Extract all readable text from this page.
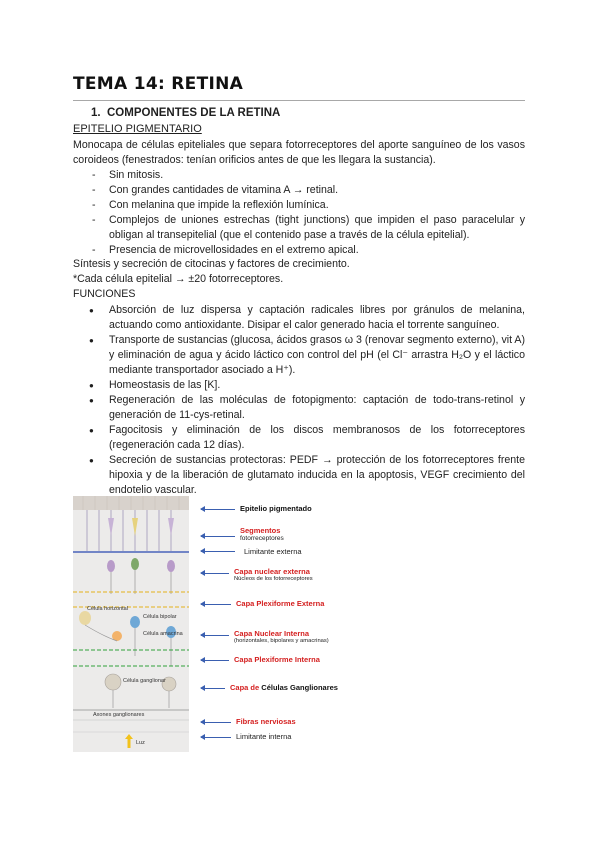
TEMA 14: RETINA
1. COMPONENTES DE LA RETINA
EPITELIO PIGMENTARIO
Monocapa de células epiteliales que separa fotorreceptores del aporte sanguíneo de los vasos coroideos (fenestrados: tenían orificios antes de que les llegara la sustancia).
- Sin mitosis.
- Con grandes cantidades de vitamina A → retinal.
- Con melanina que impide la reflexión lumínica.
- Complejos de uniones estrechas (tight junctions) que impiden el paso paracelular y obligan al transepitelial (que el contenido pase a través de la célula epitelial).
- Presencia de microvellosidades en el extremo apical.
Síntesis y secreción de citocinas y factores de crecimiento.
*Cada célula epitelial → ±20 fotorreceptores.
FUNCIONES
● Absorción de luz dispersa y captación radicales libres por gránulos de melanina, actuando como antioxidante. Disipar el calor generado hacia el torrente sanguíneo.
● Transporte de sustancias (glucosa, ácidos grasos ω 3 (renovar segmento externo), vit A) y eliminación de agua y ácido láctico con control del pH (el Cl⁻ arrastra H₂O y el láctico mediante transportador asociado a H⁺).
● Homeostasis de las [K].
● Regeneración de las moléculas de fotopigmento: captación de todo-trans-retinol y generación de 11-cys-retinal.
● Fagocitosis y eliminación de los discos membranosos de los fotorreceptores (regeneración cada 12 días).
● Secreción de sustancias protectoras: PEDF → protección de los fotorreceptores frente hipoxia y de la liberación de glutamato inducida en la apoptosis, VEGF crecimiento del endotelio vascular.
Célula horizontal
Célula bipolar
Célula amacrina
Célula ganglionar
Axones ganglionares
Luz
Epitelio pigmentado
Segmentos
fotorreceptores
Limitante externa
Capa nuclear externa
Núcleos de los fotorreceptores
Capa Plexiforme Externa
Capa Nuclear Interna
(horizontales, bipolares y amacrinas)
Capa Plexiforme Interna
Capa de Células Ganglionares
Fibras nerviosas
Limitante interna
